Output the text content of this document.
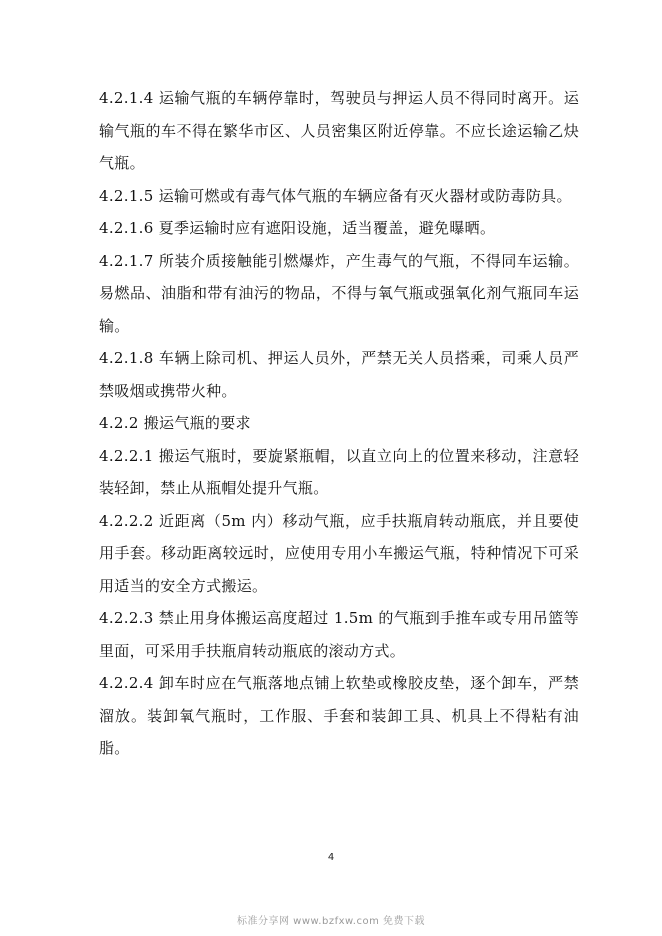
4.2.1.4 运输气瓶的车辆停靠时，驾驶员与押运人员不得同时离开。运输气瓶的车不得在繁华市区、人员密集区附近停靠。不应长途运输乙炔气瓶。

4.2.1.5 运输可燃或有毒气体气瓶的车辆应备有灭火器材或防毒防具。

4.2.1.6 夏季运输时应有遮阳设施，适当覆盖，避免曝晒。

4.2.1.7 所装介质接触能引燃爆炸，产生毒气的气瓶，不得同车运输。易燃品、油脂和带有油污的物品，不得与氧气瓶或强氧化剂气瓶同车运输。

4.2.1.8 车辆上除司机、押运人员外，严禁无关人员搭乘，司乘人员严禁吸烟或携带火种。

4.2.2 搬运气瓶的要求

4.2.2.1 搬运气瓶时，要旋紧瓶帽，以直立向上的位置来移动，注意轻装轻卸，禁止从瓶帽处提升气瓶。

4.2.2.2 近距离（5m 内）移动气瓶，应手扶瓶肩转动瓶底，并且要使用手套。移动距离较远时，应使用专用小车搬运气瓶，特种情况下可采用适当的安全方式搬运。

4.2.2.3 禁止用身体搬运高度超过 1.5m 的气瓶到手推车或专用吊篮等里面，可采用手扶瓶肩转动瓶底的滚动方式。

4.2.2.4 卸车时应在气瓶落地点铺上软垫或橡胶皮垫，逐个卸车，严禁溜放。装卸氧气瓶时，工作服、手套和装卸工具、机具上不得粘有油脂。

4
标准分享网 www.bzfxw.com 免费下载
